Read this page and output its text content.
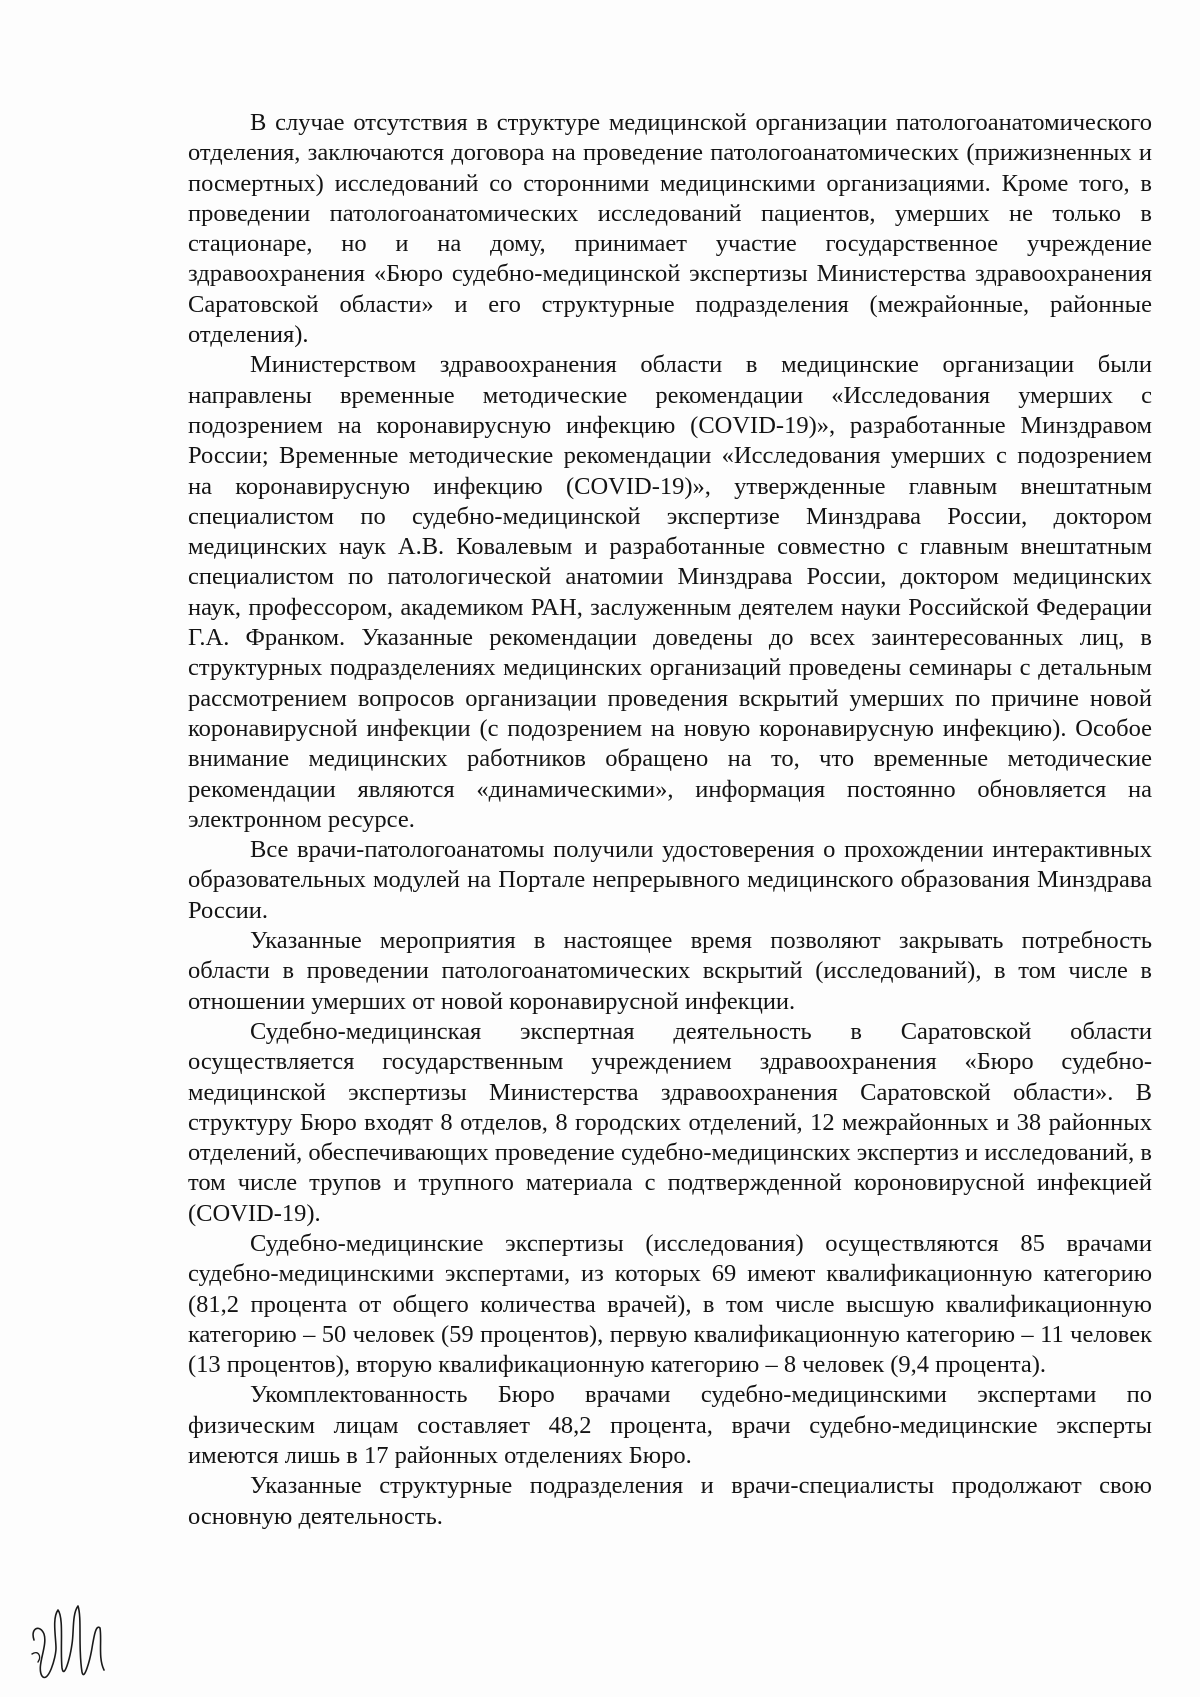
В случае отсутствия в структуре медицинской организации патологоанатомического отделения, заключаются договора на проведение патологоанатомических (прижизненных и посмертных) исследований со сторонними медицинскими организациями. Кроме того, в проведении патологоанатомических исследований пациентов, умерших не только в стационаре, но и на дому, принимает участие государственное учреждение здравоохранения «Бюро судебно-медицинской экспертизы Министерства здравоохранения Саратовской области» и его структурные подразделения (межрайонные, районные отделения).

Министерством здравоохранения области в медицинские организации были направлены временные методические рекомендации «Исследования умерших с подозрением на коронавирусную инфекцию (COVID-19)», разработанные Минздравом России; Временные методические рекомендации «Исследования умерших с подозрением на коронавирусную инфекцию (COVID-19)», утвержденные главным внештатным специалистом по судебно-медицинской экспертизе Минздрава России, доктором медицинских наук А.В. Ковалевым и разработанные совместно с главным внештатным специалистом по патологической анатомии Минздрава России, доктором медицинских наук, профессором, академиком РАН, заслуженным деятелем науки Российской Федерации Г.А. Франком. Указанные рекомендации доведены до всех заинтересованных лиц, в структурных подразделениях медицинских организаций проведены семинары с детальным рассмотрением вопросов организации проведения вскрытий умерших по причине новой коронавирусной инфекции (с подозрением на новую коронавирусную инфекцию). Особое внимание медицинских работников обращено на то, что временные методические рекомендации являются «динамическими», информация постоянно обновляется на электронном ресурсе.

Все врачи-патологоанатомы получили удостоверения о прохождении интерактивных образовательных модулей на Портале непрерывного медицинского образования Минздрава России.

Указанные мероприятия в настоящее время позволяют закрывать потребность области в проведении патологоанатомических вскрытий (исследований), в том числе в отношении умерших от новой коронавирусной инфекции.

Судебно-медицинская экспертная деятельность в Саратовской области осуществляется государственным учреждением здравоохранения «Бюро судебно-медицинской экспертизы Министерства здравоохранения Саратовской области». В структуру Бюро входят 8 отделов, 8 городских отделений, 12 межрайонных и 38 районных отделений, обеспечивающих проведение судебно-медицинских экспертиз и исследований, в том числе трупов и трупного материала с подтвержденной короновирусной инфекцией (COVID-19).

Судебно-медицинские экспертизы (исследования) осуществляются 85 врачами судебно-медицинскими экспертами, из которых 69 имеют квалификационную категорию (81,2 процента от общего количества врачей), в том числе высшую квалификационную категорию – 50 человек (59 процентов), первую квалификационную категорию – 11 человек (13 процентов), вторую квалификационную категорию – 8 человек (9,4 процента).

Укомплектованность Бюро врачами судебно-медицинскими экспертами по физическим лицам составляет 48,2 процента, врачи судебно-медицинские эксперты имеются лишь в 17 районных отделениях Бюро.

Указанные структурные подразделения и врачи-специалисты продолжают свою основную деятельность.
